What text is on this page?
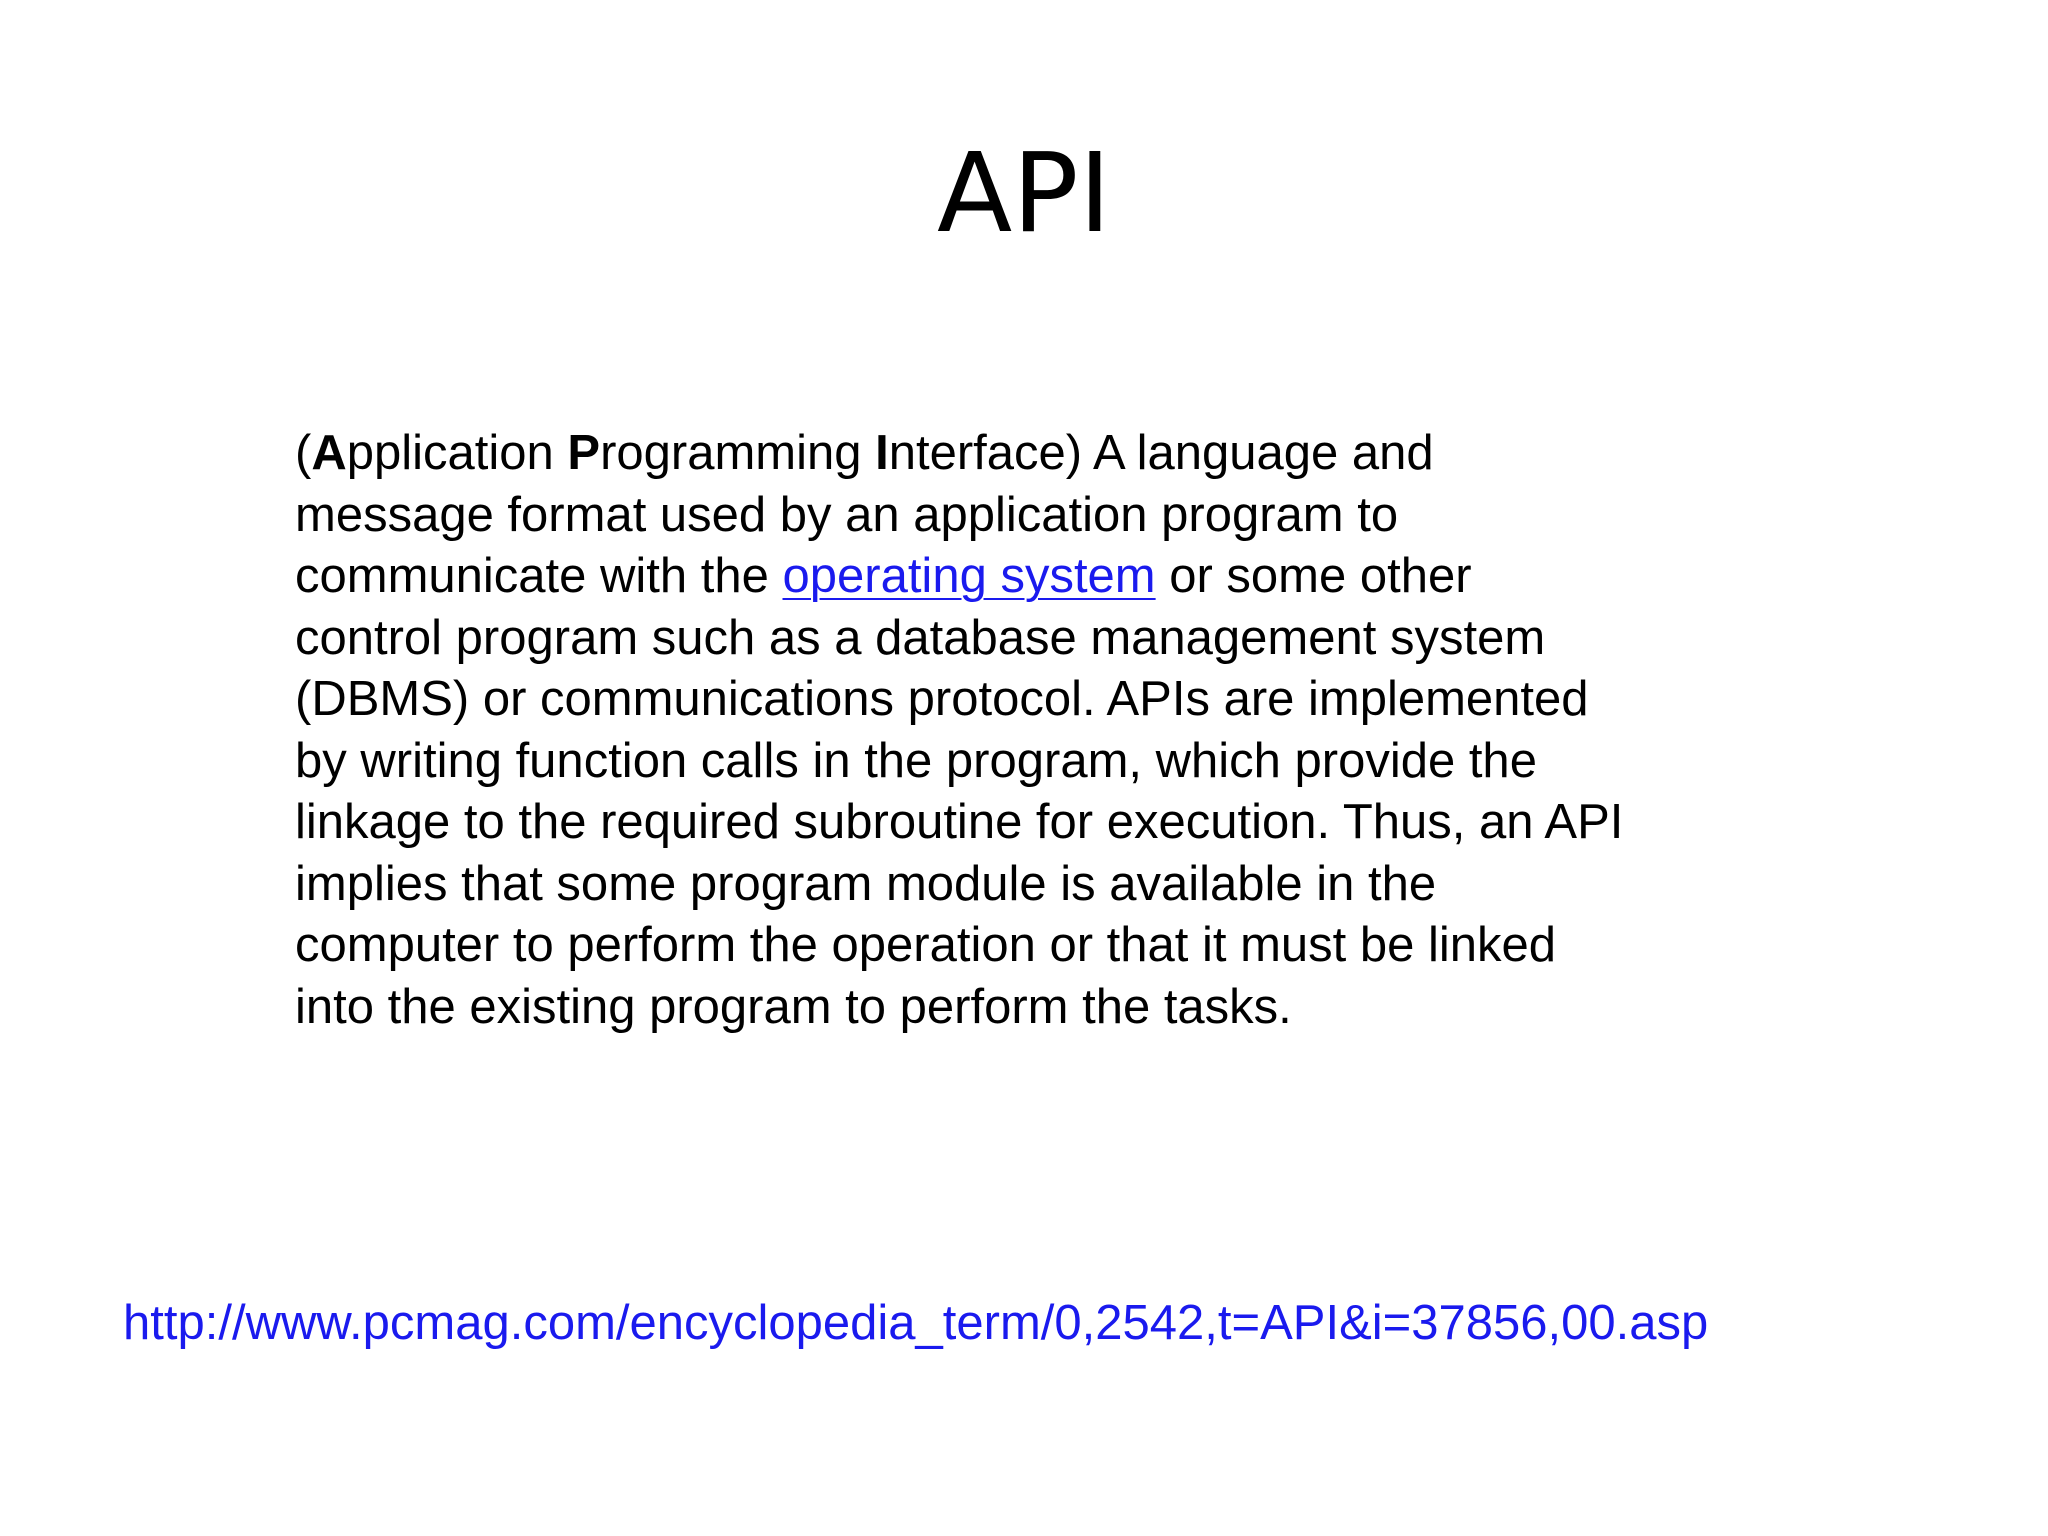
API
(Application Programming Interface) A language and
message format used by an application program to
communicate with the operating system or some other
control program such as a database management system
(DBMS) or communications protocol. APIs are implemented
by writing function calls in the program, which provide the
linkage to the required subroutine for execution. Thus, an API
implies that some program module is available in the
computer to perform the operation or that it must be linked
into the existing program to perform the tasks.
http://www.pcmag.com/encyclopedia_term/0,2542,t=API&i=37856,00.asp
